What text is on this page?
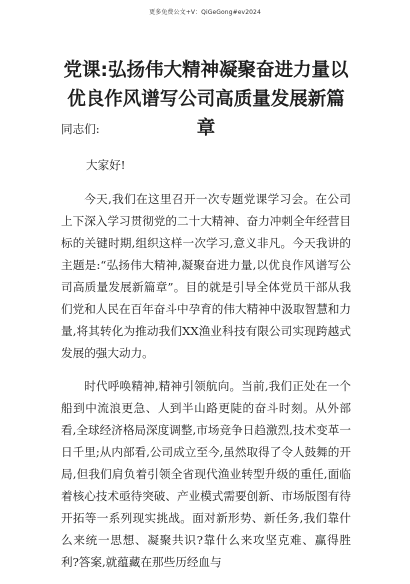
更多免费公文+V：QiGeGong#ev2024
党课:弘扬伟大精神凝聚奋进力量以优良作风谱写公司高质量发展新篇章
同志们:
大家好!

今天,我们在这里召开一次专题党课学习会。在公司上下深入学习贯彻党的二十大精神、奋力冲刺全年经营目标的关键时期,组织这样一次学习,意义非凡。今天我讲的主题是:“弘扬伟大精神,凝聚奋进力量,以优良作风谱写公司高质量发展新篇章”。目的就是引导全体党员干部从我们党和人民在百年奋斗中孕育的伟大精神中汲取智慧和力量,将其转化为推动我们XX渔业科技有限公司实现跨越式发展的强大动力。

时代呼唤精神,精神引领航向。当前,我们正处在一个船到中流浪更急、人到半山路更陡的奋斗时刻。从外部看,全球经济格局深度调整,市场竞争日趋激烈,技术变革一日千里;从内部看,公司成立至今,虽然取得了令人鼓舞的开局,但我们肩负着引领全省现代渔业转型升级的重任,面临着核心技术亟待突破、产业模式需要创新、市场版图有待开拓等一系列现实挑战。面对新形势、新任务,我们靠什么来统一思想、凝聚共识?靠什么来攻坚克难、赢得胜利?答案,就蕴藏在那些历经血与
